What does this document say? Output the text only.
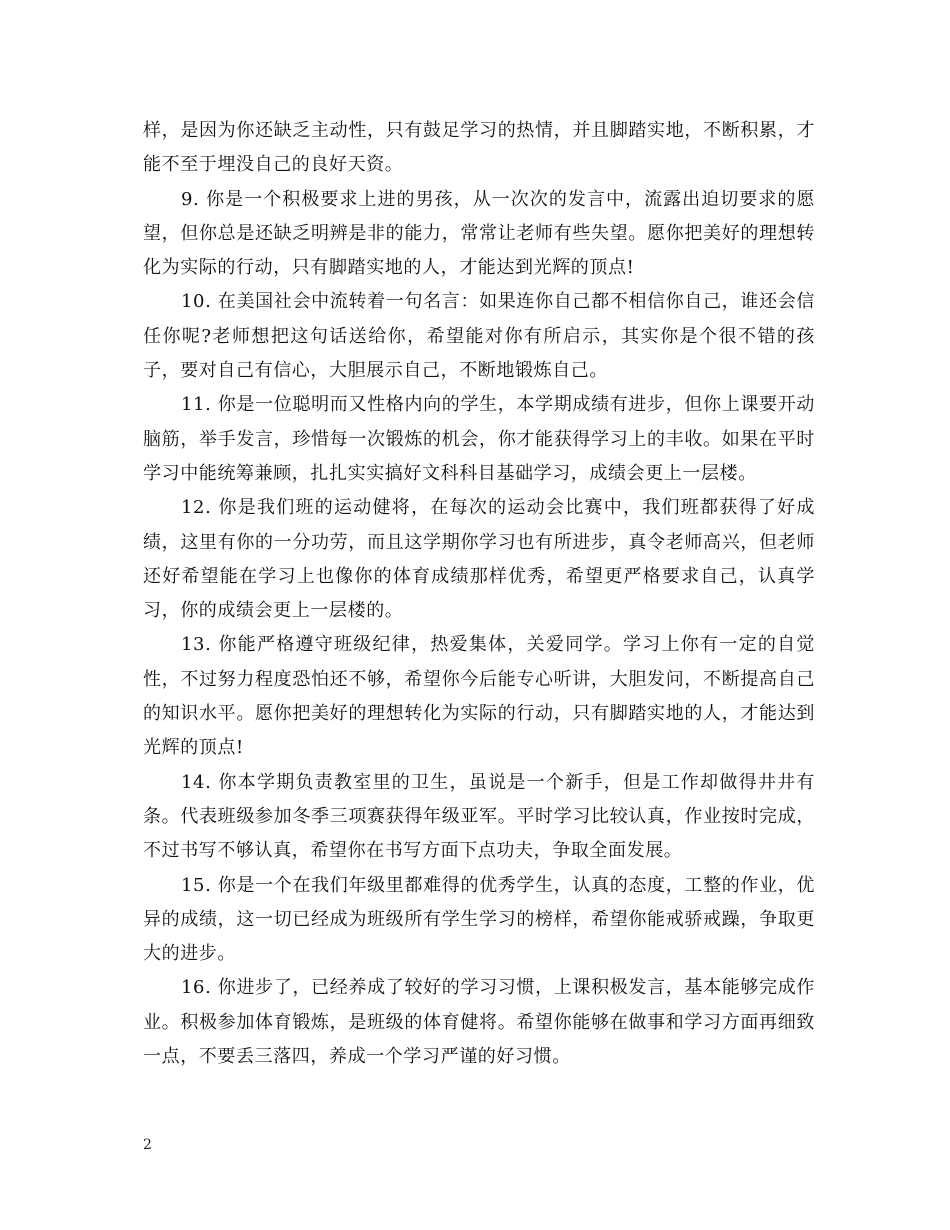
样，是因为你还缺乏主动性，只有鼓足学习的热情，并且脚踏实地，不断积累，才能不至于埋没自己的良好天资。

9. 你是一个积极要求上进的男孩，从一次次的发言中，流露出迫切要求的愿望，但你总是还缺乏明辨是非的能力，常常让老师有些失望。愿你把美好的理想转化为实际的行动，只有脚踏实地的人，才能达到光辉的顶点!

10. 在美国社会中流转着一句名言：如果连你自己都不相信你自己，谁还会信任你呢?老师想把这句话送给你，希望能对你有所启示，其实你是个很不错的孩子，要对自己有信心，大胆展示自己，不断地锻炼自己。

11. 你是一位聪明而又性格内向的学生，本学期成绩有进步，但你上课要开动脑筋，举手发言，珍惜每一次锻炼的机会，你才能获得学习上的丰收。如果在平时学习中能统筹兼顾，扎扎实实搞好文科科目基础学习，成绩会更上一层楼。

12. 你是我们班的运动健将，在每次的运动会比赛中，我们班都获得了好成绩，这里有你的一分功劳，而且这学期你学习也有所进步，真令老师高兴，但老师还好希望能在学习上也像你的体育成绩那样优秀，希望更严格要求自己，认真学习，你的成绩会更上一层楼的。

13. 你能严格遵守班级纪律，热爱集体，关爱同学。学习上你有一定的自觉性，不过努力程度恐怕还不够，希望你今后能专心听讲，大胆发问，不断提高自己的知识水平。愿你把美好的理想转化为实际的行动，只有脚踏实地的人，才能达到光辉的顶点!

14. 你本学期负责教室里的卫生，虽说是一个新手，但是工作却做得井井有条。代表班级参加冬季三项赛获得年级亚军。平时学习比较认真，作业按时完成，不过书写不够认真，希望你在书写方面下点功夫，争取全面发展。

15. 你是一个在我们年级里都难得的优秀学生，认真的态度，工整的作业，优异的成绩，这一切已经成为班级所有学生学习的榜样，希望你能戒骄戒躁，争取更大的进步。

16. 你进步了，已经养成了较好的学习习惯，上课积极发言，基本能够完成作业。积极参加体育锻炼，是班级的体育健将。希望你能够在做事和学习方面再细致一点，不要丢三落四，养成一个学习严谨的好习惯。

2
